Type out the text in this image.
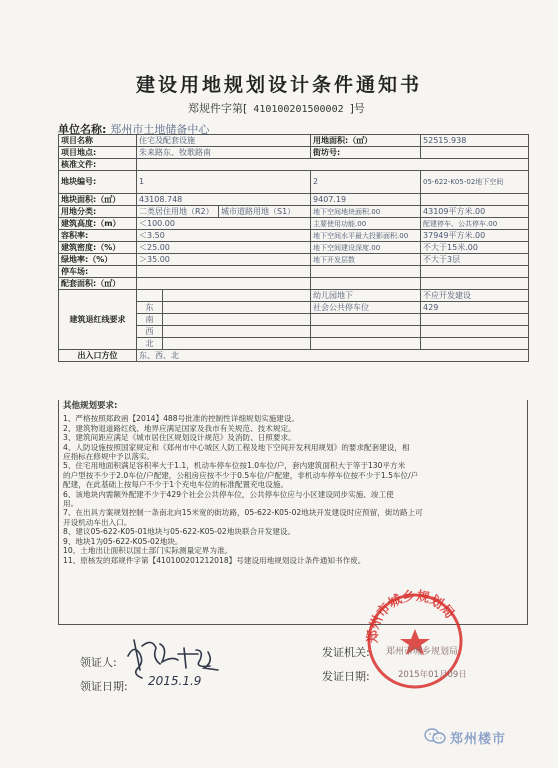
建设用地规划设计条件通知书
郑规件字第[ 410100201500002 ]号
单位名称: 郑州市土地储备中心
项目名称	住宅及配套设施			用地面积:（㎡）	52515.938
项目地点:	朱来路东、牧歌路南			街坊号:	
核准文件:					
地块编号:	1			2	05-622-K05-02地下空间
地块面积:（㎡）	43108.748			9407.19	
用地分类:	二类居住用地（R2）		城市道路用地（S1）	地下空间地块面积.00	43109平方米.00
建筑高度:（m）	＜100.00			主要使用功能.00	配建停车、公共停车.00
容积率:	＜3.50			地下空间水平最大投影面积.00	37949平方米.00
建筑密度:（%）	＜25.00			地下空间建设深度.00	不大于15米.00
绿地率:（%）	＞35.00			地下开发层数	不大于3层
停车场:					
配套面积:（㎡）					
建筑退红线要求				幼儿园地下	不应开发建设
	东			社会公共停车位	429
	南				
	西				
	北				
出入口方位	东、西、北				
其他规划要求:
1、严格按照郑政函【2014】488号批准的控制性详细规划实施建设。
2、建筑物退道路红线、地界应满足国家及我市有关规范、技术规定。
3、建筑间距应满足《城市居住区规划设计规范》及消防、日照要求。
4、人防设施按照国家规定和《郑州市中心城区人防工程及地下空间开发利用规划》的要求配套建设，相
应指标在修规中予以落实。
5、住宅用地面积满足容积率大于1.1，机动车停车位按1.0车位/户，套内建筑面积大于等于130平方米
的户型按不少于2.0车位/户配建，公租房应按不少于0.5车位/户配建，非机动车停车位按不少于1.5车位/户
配建，在此基础上按每户不少于1个充电车位的标准配置充电设施。
6、该地块内需额外配建不少于429个社会公共停车位，公共停车位应与小区建设同步实施、竣工使
用。
7、在出具方案规划控制一条南北向15米宽的街坊路，05-622-K05-02地块开发建设时应预留，街坊路上可
开设机动车出入口。
8、建议05-622-K05-01地块与05-622-K05-02地块联合开发建设。
9、地块1为05-622-K05-02地块。
10、土地出让面积以国土部门实际测量定界为准。
11、原核发的郑规件字第【410100201212018】号建设用地规划设计条件通知书作废。
领证人:
领证日期: 2015.1.9
发证机关:
发证日期:
郑州市城乡规划局
郑州市城乡规划局
2015年01月09日
郑州楼市
